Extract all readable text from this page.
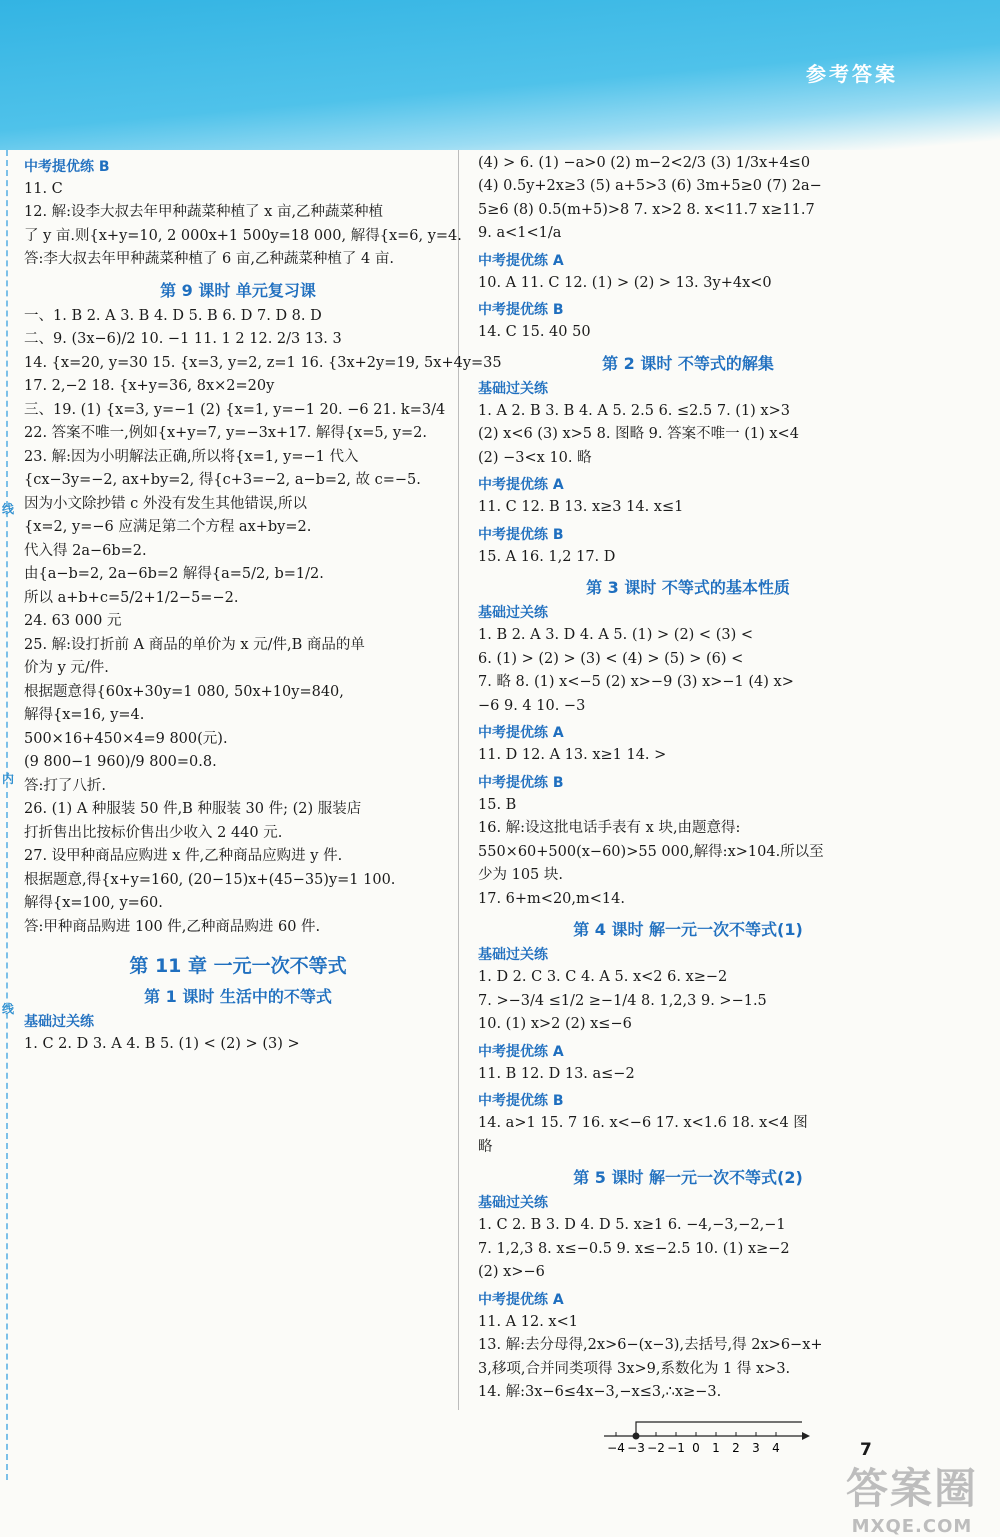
参考答案
线
内
线
中考提优练 B
11. C
12. 解:设李大叔去年甲种蔬菜种植了 x 亩,乙种蔬菜种植
了 y 亩.则{x+y=10, 2 000x+1 500y=18 000, 解得{x=6, y=4.
答:李大叔去年甲种蔬菜种植了 6 亩,乙种蔬菜种植了 4 亩.
第 9 课时 单元复习课
一、1. B 2. A 3. B 4. D 5. B 6. D 7. D 8. D
二、9. (3x−6)/2 10. −1 11. 1 2 12. 2/3 13. 3
14. {x=20, y=30 15. {x=3, y=2, z=1 16. {3x+2y=19, 5x+4y=35
17. 2,−2 18. {x+y=36, 8x×2=20y
三、19. (1) {x=3, y=−1 (2) {x=1, y=−1 20. −6 21. k=3/4
22. 答案不唯一,例如{x+y=7, y=−3x+17. 解得{x=5, y=2.
23. 解:因为小明解法正确,所以将{x=1, y=−1 代入
{cx−3y=−2, ax+by=2, 得{c+3=−2, a−b=2, 故 c=−5.
因为小文除抄错 c 外没有发生其他错误,所以
{x=2, y=−6 应满足第二个方程 ax+by=2.
代入得 2a−6b=2.
由{a−b=2, 2a−6b=2 解得{a=5/2, b=1/2.
所以 a+b+c=5/2+1/2−5=−2.
24. 63 000 元
25. 解:设打折前 A 商品的单价为 x 元/件,B 商品的单
价为 y 元/件.
根据题意得{60x+30y=1 080, 50x+10y=840,
解得{x=16, y=4.
500×16+450×4=9 800(元).
(9 800−1 960)/9 800=0.8.
答:打了八折.
26. (1) A 种服装 50 件,B 种服装 30 件; (2) 服装店
打折售出比按标价售出少收入 2 440 元.
27. 设甲种商品应购进 x 件,乙种商品应购进 y 件.
根据题意,得{x+y=160, (20−15)x+(45−35)y=1 100.
解得{x=100, y=60.
答:甲种商品购进 100 件,乙种商品购进 60 件.
第 11 章 一元一次不等式
第 1 课时 生活中的不等式
基础过关练
1. C 2. D 3. A 4. B 5. (1) < (2) > (3) >
(4) > 6. (1) −a>0 (2) m−2<2/3 (3) 1/3x+4≤0
(4) 0.5y+2x≥3 (5) a+5>3 (6) 3m+5≥0 (7) 2a−
5≥6 (8) 0.5(m+5)>8 7. x>2 8. x<11.7 x≥11.7
9. a<1<1/a
中考提优练 A
10. A 11. C 12. (1) > (2) > 13. 3y+4x<0
中考提优练 B
14. C 15. 40 50
第 2 课时 不等式的解集
基础过关练
1. A 2. B 3. B 4. A 5. 2.5 6. ≤2.5 7. (1) x>3
(2) x<6 (3) x>5 8. 图略 9. 答案不唯一 (1) x<4
(2) −3<x 10. 略
中考提优练 A
11. C 12. B 13. x≥3 14. x≤1
中考提优练 B
15. A 16. 1,2 17. D
第 3 课时 不等式的基本性质
基础过关练
1. B 2. A 3. D 4. A 5. (1) > (2) < (3) <
6. (1) > (2) > (3) < (4) > (5) > (6) <
7. 略 8. (1) x<−5 (2) x>−9 (3) x>−1 (4) x>
−6 9. 4 10. −3
中考提优练 A
11. D 12. A 13. x≥1 14. >
中考提优练 B
15. B
16. 解:设这批电话手表有 x 块,由题意得:
550×60+500(x−60)>55 000,解得:x>104.所以至
少为 105 块.
17. 6+m<20,m<14.
第 4 课时 解一元一次不等式(1)
基础过关练
1. D 2. C 3. C 4. A 5. x<2 6. x≥−2
7. >−3/4 ≤1/2 ≥−1/4 8. 1,2,3 9. >−1.5
10. (1) x>2 (2) x≤−6
中考提优练 A
11. B 12. D 13. a≤−2
中考提优练 B
14. a>1 15. 7 16. x<−6 17. x<1.6 18. x<4 图
略
第 5 课时 解一元一次不等式(2)
基础过关练
1. C 2. B 3. D 4. D 5. x≥1 6. −4,−3,−2,−1
7. 1,2,3 8. x≤−0.5 9. x≤−2.5 10. (1) x≥−2
(2) x>−6
中考提优练 A
11. A 12. x<1
13. 解:去分母得,2x>6−(x−3),去括号,得 2x>6−x+
3,移项,合并同类项得 3x>9,系数化为 1 得 x>3.
14. 解:3x−6≤4x−3,−x≤3,∴x≥−3.
−4 −3 −2 −1 0 1 2 3 4	7
答案圈
MXQE.COM
